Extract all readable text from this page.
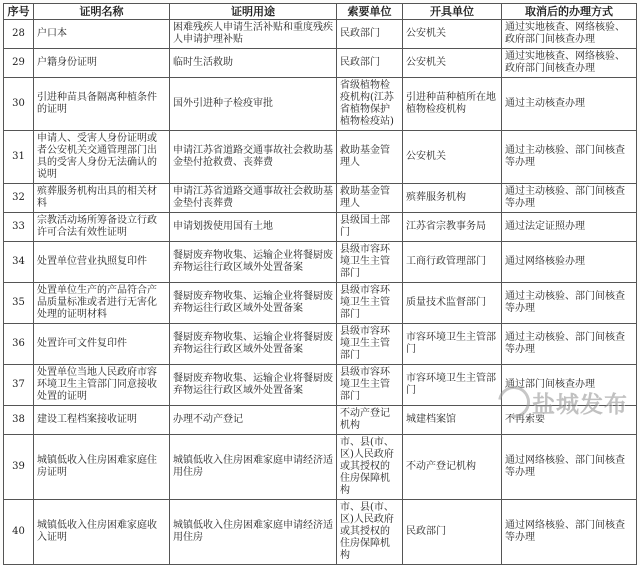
序号	证明名称	证明用途	索要单位	开具单位	取消后的办理方式
28	户口本	困难残疾人申请生活补贴和重度残疾人申请护理补贴	民政部门	公安机关	通过实地核查、网络核验、政府部门间核查办理
29	户籍身份证明	临时生活救助	民政部门	公安机关	通过实地核查、网络核验、政府部门间核查办理
30	引进种苗具备隔离种植条件的证明	国外引进种子检疫审批	省级植物检疫机构(江苏省植物保护植物检疫站)	引进种苗种植所在地植物检疫机构	通过主动核查办理
31	申请人、受害人身份证明或者公安机关交通管理部门出具的受害人身份无法确认的说明	申请江苏省道路交通事故社会救助基金垫付抢救费、丧葬费	救助基金管理人	公安机关	通过主动核验、部门间核查等办理
32	殡葬服务机构出具的相关材料	申请江苏省道路交通事故社会救助基金垫付丧葬费	救助基金管理人	殡葬服务机构	通过主动核验、部门间核查等办理
33	宗教活动场所筹备设立行政许可合法有效性证明	申请划拨使用国有土地	县级国土部门	江苏省宗教事务局	通过法定证照办理
34	处置单位营业执照复印件	餐厨废弃物收集、运输企业将餐厨废弃物运往行政区域外处置备案	县级市容环境卫生主管部门	工商行政管理部门	通过网络核验办理
35	处置单位生产的产品符合产品质量标准或者进行无害化处理的证明材料	餐厨废弃物收集、运输企业将餐厨废弃物运往行政区域外处置备案	县级市容环境卫生主管部门	质量技术监督部门	通过主动核验、部门间核查等办理
36	处置许可文件复印件	餐厨废弃物收集、运输企业将餐厨废弃物运往行政区域外处置备案	县级市容环境卫生主管部门	市容环境卫生主管部门	通过主动核验、部门间核查等办理
37	处置单位当地人民政府市容环境卫生主管部门同意接收处置的证明	餐厨废弃物收集、运输企业将餐厨废弃物运往行政区域外处置备案	县级市容环境卫生主管部门	市容环境卫生主管部门	通过部门间核查办理
38	建设工程档案接收证明	办理不动产登记	不动产登记机构	城建档案馆	不再索要
39	城镇低收入住房困难家庭住房证明	城镇低收入住房困难家庭申请经济适用住房	市、县(市、区)人民政府或其授权的住房保障机构	不动产登记机构	通过网络核验、部门间核查等办理
40	城镇低收入住房困难家庭收入证明	城镇低收入住房困难家庭申请经济适用住房	市、县(市、区)人民政府或其授权的住房保障机构	民政部门	通过网络核验、部门间核查等办理
盐城发布
